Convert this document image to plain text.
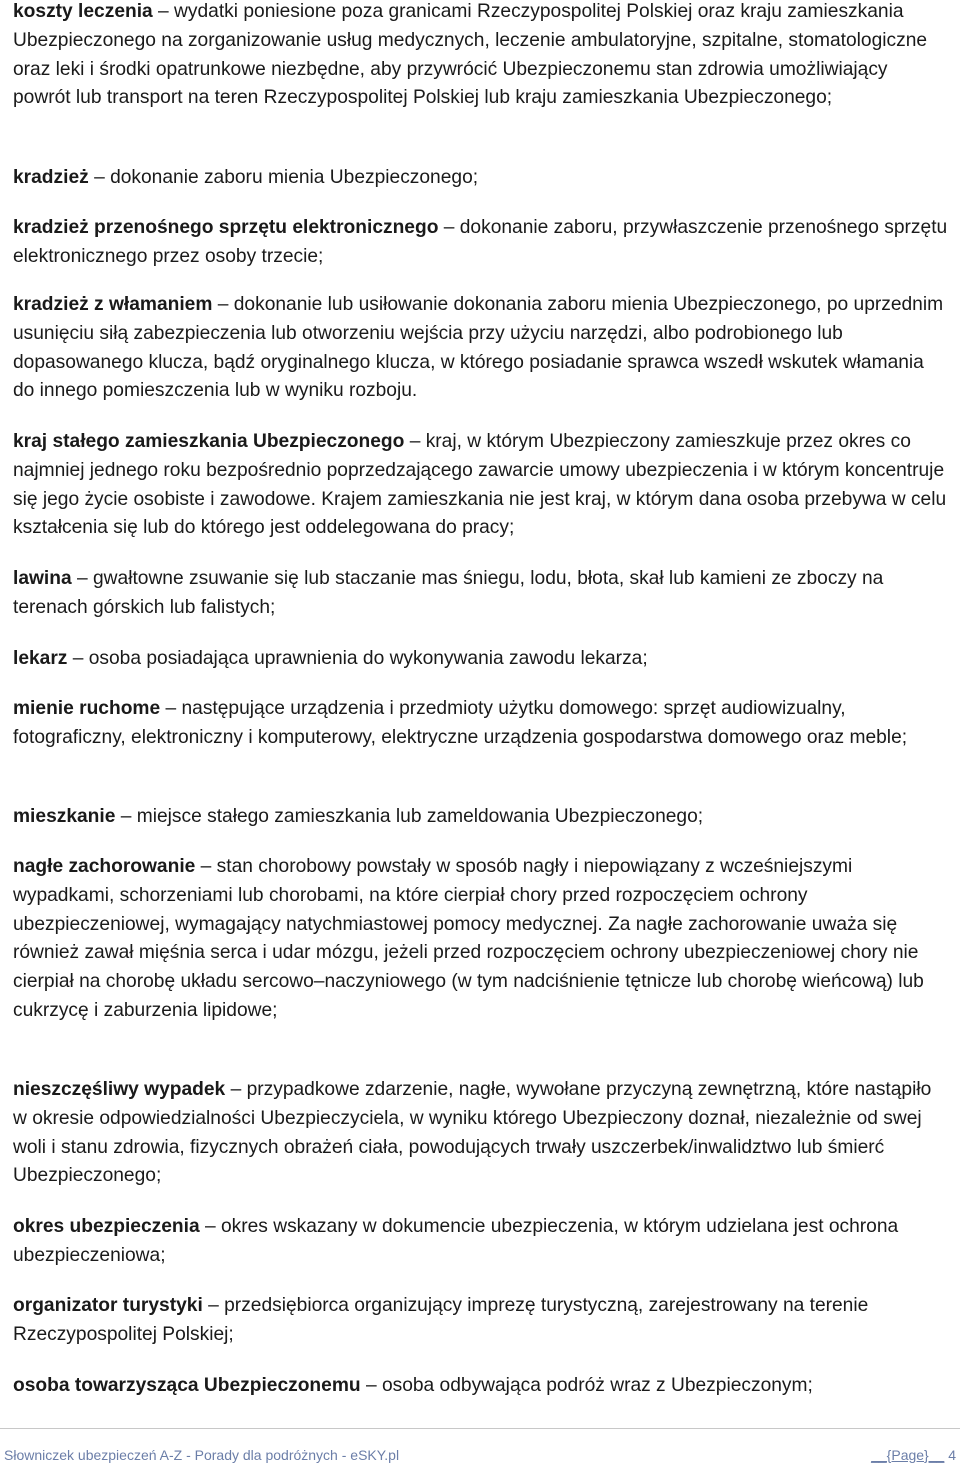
koszty leczenia – wydatki poniesione poza granicami Rzeczypospolitej Polskiej oraz kraju zamieszkania Ubezpieczonego na zorganizowanie usług medycznych, leczenie ambulatoryjne, szpitalne, stomatologiczne oraz leki i środki opatrunkowe niezbędne, aby przywrócić Ubezpieczonemu stan zdrowia umożliwiający powrót lub transport na teren Rzeczypospolitej Polskiej lub kraju zamieszkania Ubezpieczonego;

kradzież – dokonanie zaboru mienia Ubezpieczonego;

kradzież przenośnego sprzętu elektronicznego – dokonanie zaboru, przywłaszczenie przenośnego sprzętu elektronicznego przez osoby trzecie;

kradzież z włamaniem – dokonanie lub usiłowanie dokonania zaboru mienia Ubezpieczonego, po uprzednim usunięciu siłą zabezpieczenia lub otworzeniu wejścia przy użyciu narzędzi, albo podrobionego lub dopasowanego klucza, bądź oryginalnego klucza, w którego posiadanie sprawca wszedł wskutek włamania do innego pomieszczenia lub w wyniku rozboju.

kraj stałego zamieszkania Ubezpieczonego – kraj, w którym Ubezpieczony zamieszkuje przez okres co najmniej jednego roku bezpośrednio poprzedzającego zawarcie umowy ubezpieczenia i w którym koncentruje się jego życie osobiste i zawodowe. Krajem zamieszkania nie jest kraj, w którym dana osoba przebywa w celu kształcenia się lub do którego jest oddelegowana do pracy;

lawina – gwałtowne zsuwanie się lub staczanie mas śniegu, lodu, błota, skał lub kamieni ze zboczy na terenach górskich lub falistych;

lekarz – osoba posiadająca uprawnienia do wykonywania zawodu lekarza;

mienie ruchome – następujące urządzenia i przedmioty użytku domowego: sprzęt audiowizualny, fotograficzny, elektroniczny i komputerowy, elektryczne urządzenia gospodarstwa domowego oraz meble;

mieszkanie – miejsce stałego zamieszkania lub zameldowania Ubezpieczonego;

nagłe zachorowanie – stan chorobowy powstały w sposób nagły i niepowiązany z wcześniejszymi wypadkami, schorzeniami lub chorobami, na które cierpiał chory przed rozpoczęciem ochrony ubezpieczeniowej, wymagający natychmiastowej pomocy medycznej. Za nagłe zachorowanie uważa się również zawał mięśnia serca i udar mózgu, jeżeli przed rozpoczęciem ochrony ubezpieczeniowej chory nie cierpiał na chorobę układu sercowo–naczyniowego (w tym nadciśnienie tętnicze lub chorobę wieńcową) lub cukrzycę i zaburzenia lipidowe;

nieszczęśliwy wypadek – przypadkowe zdarzenie, nagłe, wywołane przyczyną zewnętrzną, które nastąpiło w okresie odpowiedzialności Ubezpieczyciela, w wyniku którego Ubezpieczony doznał, niezależnie od swej woli i stanu zdrowia, fizycznych obrażeń ciała, powodujących trwały uszczerbek/inwalidztwo lub śmierć Ubezpieczonego;

okres ubezpieczenia – okres wskazany w dokumencie ubezpieczenia, w którym udzielana jest ochrona ubezpieczeniowa;

organizator turystyki – przedsiębiorca organizujący imprezę turystyczną, zarejestrowany na terenie Rzeczypospolitej Polskiej;

osoba towarzysząca Ubezpieczonemu – osoba odbywająca podróż wraz z Ubezpieczonym;

Słowniczek ubezpieczeń A-Z - Porady dla podróżnych - eSKY.pl	__{Page}__ 4
